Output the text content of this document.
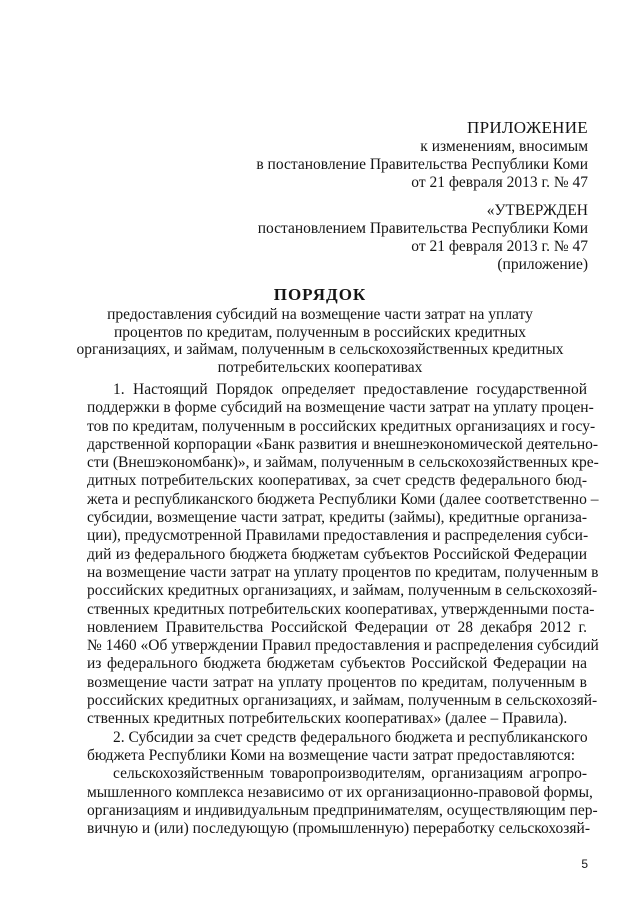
ПРИЛОЖЕНИЕ
к изменениям, вносимым
в постановление Правительства Республики Коми
от 21 февраля 2013 г. № 47
«УТВЕРЖДЕН
постановлением Правительства Республики Коми
от 21 февраля 2013 г. № 47
(приложение)
ПОРЯДОК
предоставления субсидий на возмещение части затрат на уплату
процентов по кредитам, полученным в российских кредитных
организациях, и займам, полученным в сельскохозяйственных кредитных
потребительских кооперативах
1. Настоящий Порядок определяет предоставление государственной
поддержки в форме субсидий на возмещение части затрат на уплату процен-
тов по кредитам, полученным в российских кредитных организациях и госу-
дарственной корпорации «Банк развития и внешнеэкономической деятельно-
сти (Внешэкономбанк)», и займам, полученным в сельскохозяйственных кре-
дитных потребительских кооперативах, за счет средств федерального бюд-
жета и республиканского бюджета Республики Коми (далее соответственно –
субсидии, возмещение части затрат, кредиты (займы), кредитные организа-
ции), предусмотренной Правилами предоставления и распределения субси-
дий из федерального бюджета бюджетам субъектов Российской Федерации
на возмещение части затрат на уплату процентов по кредитам, полученным в
российских кредитных организациях, и займам, полученным в сельскохозяй-
ственных кредитных потребительских кооперативах, утвержденными поста-
новлением Правительства Российской Федерации от 28 декабря 2012 г.
№ 1460 «Об утверждении Правил предоставления и распределения субсидий
из федерального бюджета бюджетам субъектов Российской Федерации на
возмещение части затрат на уплату процентов по кредитам, полученным в
российских кредитных организациях, и займам, полученным в сельскохозяй-
ственных кредитных потребительских кооперативах» (далее – Правила).
2. Субсидии за счет средств федерального бюджета и республиканского
бюджета Республики Коми на возмещение части затрат предоставляются:
сельскохозяйственным товаропроизводителям, организациям агропро-
мышленного комплекса независимо от их организационно-правовой формы,
организациям и индивидуальным предпринимателям, осуществляющим пер-
вичную и (или) последующую (промышленную) переработку сельскохозяй-
5
